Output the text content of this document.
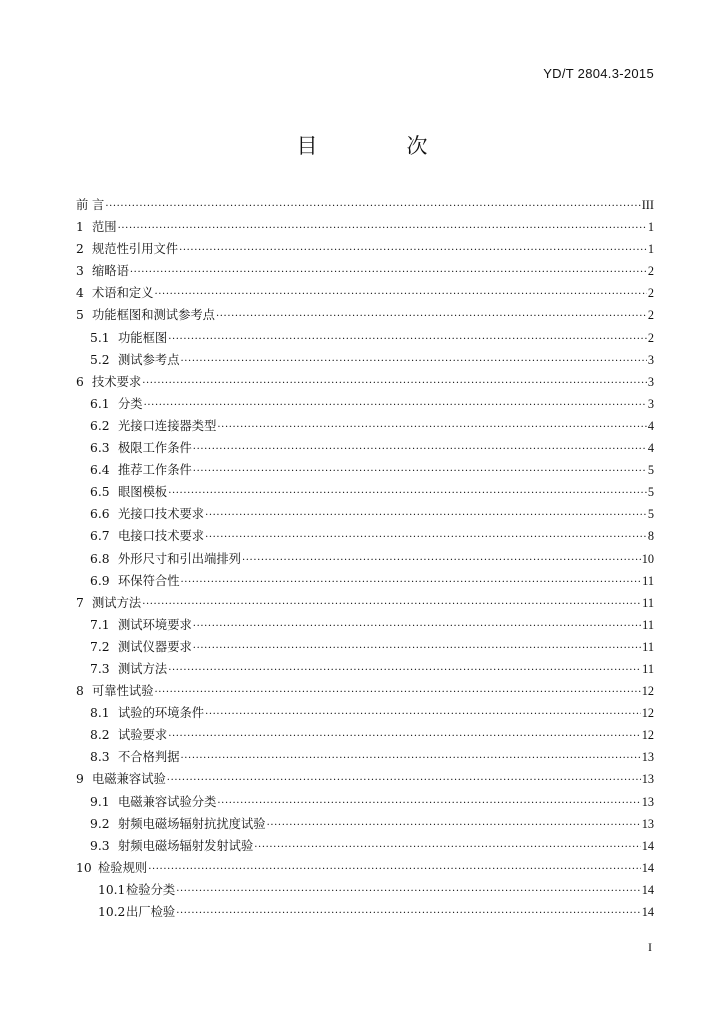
YD/T 2804.3-2015
目　次
前 言 ·····	III
1 范围 ·····	1
2 规范性引用文件 ·····	1
3 缩略语 ·····	2
4 术语和定义 ·····	2
5 功能框图和测试参考点 ·····	2
5.1 功能框图 ·····	2
5.2 测试参考点 ·····	3
6 技术要求 ·····	3
6.1 分类 ·····	3
6.2 光接口连接器类型 ·····	4
6.3 极限工作条件 ·····	4
6.4 推荐工作条件 ·····	5
6.5 眼图模板 ·····	5
6.6 光接口技术要求 ·····	5
6.7 电接口技术要求 ·····	8
6.8 外形尺寸和引出端排列 ·····	10
6.9 环保符合性 ·····	11
7 测试方法 ·····	11
7.1 测试环境要求 ·····	11
7.2 测试仪器要求 ·····	11
7.3 测试方法 ·····	11
8 可靠性试验 ·····	12
8.1 试验的环境条件 ·····	12
8.2 试验要求 ·····	12
8.3 不合格判据 ·····	13
9 电磁兼容试验 ·····	13
9.1 电磁兼容试验分类 ·····	13
9.2 射频电磁场辐射抗扰度试验 ·····	13
9.3 射频电磁场辐射发射试验 ·····	14
10 检验规则 ·····	14
10.1 检验分类 ·····	14
10.2 出厂检验 ·····	14
I
